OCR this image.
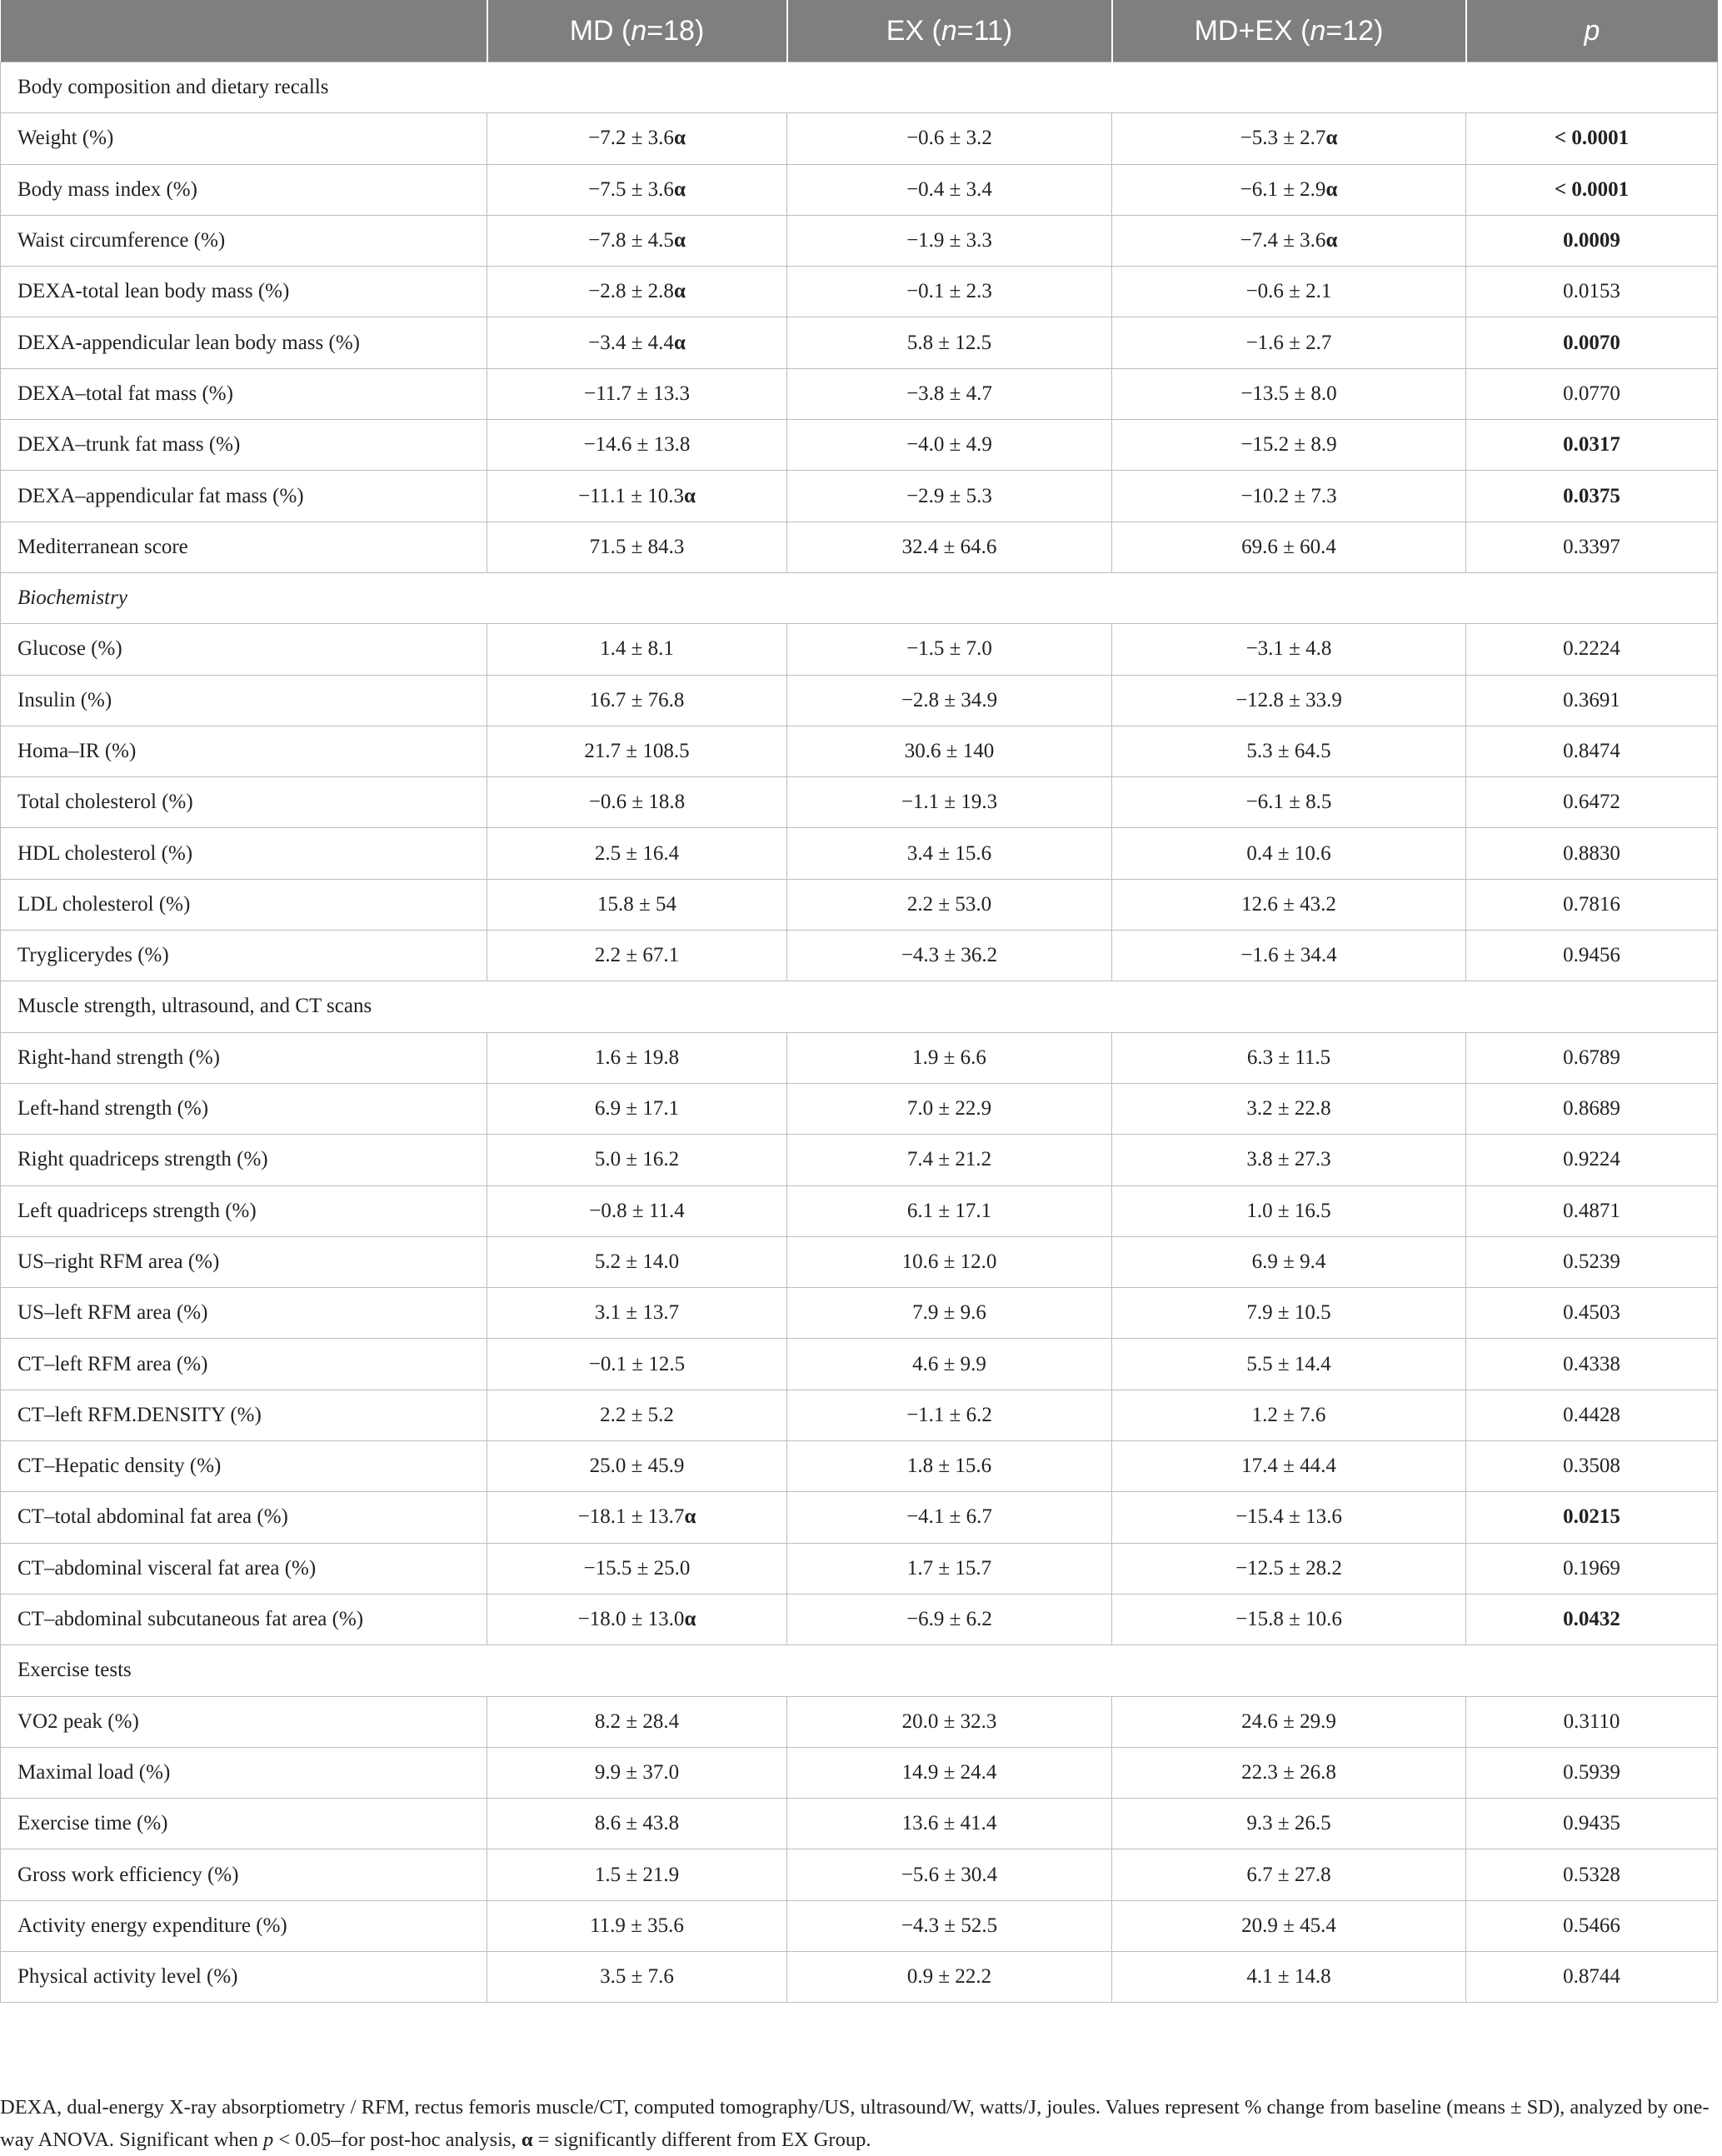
	MD (n=18)	EX (n=11)	MD+EX (n=12)	p
Body composition and dietary recalls				
Weight (%)	−7.2 ± 3.6α	−0.6 ± 3.2	−5.3 ± 2.7α	< 0.0001
Body mass index (%)	−7.5 ± 3.6α	−0.4 ± 3.4	−6.1 ± 2.9α	< 0.0001
Waist circumference (%)	−7.8 ± 4.5α	−1.9 ± 3.3	−7.4 ± 3.6α	0.0009
DEXA-total lean body mass (%)	−2.8 ± 2.8α	−0.1 ± 2.3	−0.6 ± 2.1	0.0153
DEXA-appendicular lean body mass (%)	−3.4 ± 4.4α	5.8 ± 12.5	−1.6 ± 2.7	0.0070
DEXA–total fat mass (%)	−11.7 ± 13.3	−3.8 ± 4.7	−13.5 ± 8.0	0.0770
DEXA–trunk fat mass (%)	−14.6 ± 13.8	−4.0 ± 4.9	−15.2 ± 8.9	0.0317
DEXA–appendicular fat mass (%)	−11.1 ± 10.3α	−2.9 ± 5.3	−10.2 ± 7.3	0.0375
Mediterranean score	71.5 ± 84.3	32.4 ± 64.6	69.6 ± 60.4	0.3397
Biochemistry				
Glucose (%)	1.4 ± 8.1	−1.5 ± 7.0	−3.1 ± 4.8	0.2224
Insulin (%)	16.7 ± 76.8	−2.8 ± 34.9	−12.8 ± 33.9	0.3691
Homa–IR (%)	21.7 ± 108.5	30.6 ± 140	5.3 ± 64.5	0.8474
Total cholesterol (%)	−0.6 ± 18.8	−1.1 ± 19.3	−6.1 ± 8.5	0.6472
HDL cholesterol (%)	2.5 ± 16.4	3.4 ± 15.6	0.4 ± 10.6	0.8830
LDL cholesterol (%)	15.8 ± 54	2.2 ± 53.0	12.6 ± 43.2	0.7816
Tryglicerydes (%)	2.2 ± 67.1	−4.3 ± 36.2	−1.6 ± 34.4	0.9456
Muscle strength, ultrasound, and CT scans				
Right-hand strength (%)	1.6 ± 19.8	1.9 ± 6.6	6.3 ± 11.5	0.6789
Left-hand strength (%)	6.9 ± 17.1	7.0 ± 22.9	3.2 ± 22.8	0.8689
Right quadriceps strength (%)	5.0 ± 16.2	7.4 ± 21.2	3.8 ± 27.3	0.9224
Left quadriceps strength (%)	−0.8 ± 11.4	6.1 ± 17.1	1.0 ± 16.5	0.4871
US–right RFM area (%)	5.2 ± 14.0	10.6 ± 12.0	6.9 ± 9.4	0.5239
US–left RFM area (%)	3.1 ± 13.7	7.9 ± 9.6	7.9 ± 10.5	0.4503
CT–left RFM area (%)	−0.1 ± 12.5	4.6 ± 9.9	5.5 ± 14.4	0.4338
CT–left RFM.DENSITY (%)	2.2 ± 5.2	−1.1 ± 6.2	1.2 ± 7.6	0.4428
CT–Hepatic density (%)	25.0 ± 45.9	1.8 ± 15.6	17.4 ± 44.4	0.3508
CT–total abdominal fat area (%)	−18.1 ± 13.7α	−4.1 ± 6.7	−15.4 ± 13.6	0.0215
CT–abdominal visceral fat area (%)	−15.5 ± 25.0	1.7 ± 15.7	−12.5 ± 28.2	0.1969
CT–abdominal subcutaneous fat area (%)	−18.0 ± 13.0α	−6.9 ± 6.2	−15.8 ± 10.6	0.0432
Exercise tests				
VO2 peak (%)	8.2 ± 28.4	20.0 ± 32.3	24.6 ± 29.9	0.3110
Maximal load (%)	9.9 ± 37.0	14.9 ± 24.4	22.3 ± 26.8	0.5939
Exercise time (%)	8.6 ± 43.8	13.6 ± 41.4	9.3 ± 26.5	0.9435
Gross work efficiency (%)	1.5 ± 21.9	−5.6 ± 30.4	6.7 ± 27.8	0.5328
Activity energy expenditure (%)	11.9 ± 35.6	−4.3 ± 52.5	20.9 ± 45.4	0.5466
Physical activity level (%)	3.5 ± 7.6	0.9 ± 22.2	4.1 ± 14.8	0.8744
DEXA, dual-energy X-ray absorptiometry / RFM, rectus femoris muscle/CT, computed tomography/US, ultrasound/W, watts/J, joules. Values represent % change from baseline (means ± SD), analyzed by one-way ANOVA. Significant when p < 0.05–for post-hoc analysis, α = significantly different from EX Group.
